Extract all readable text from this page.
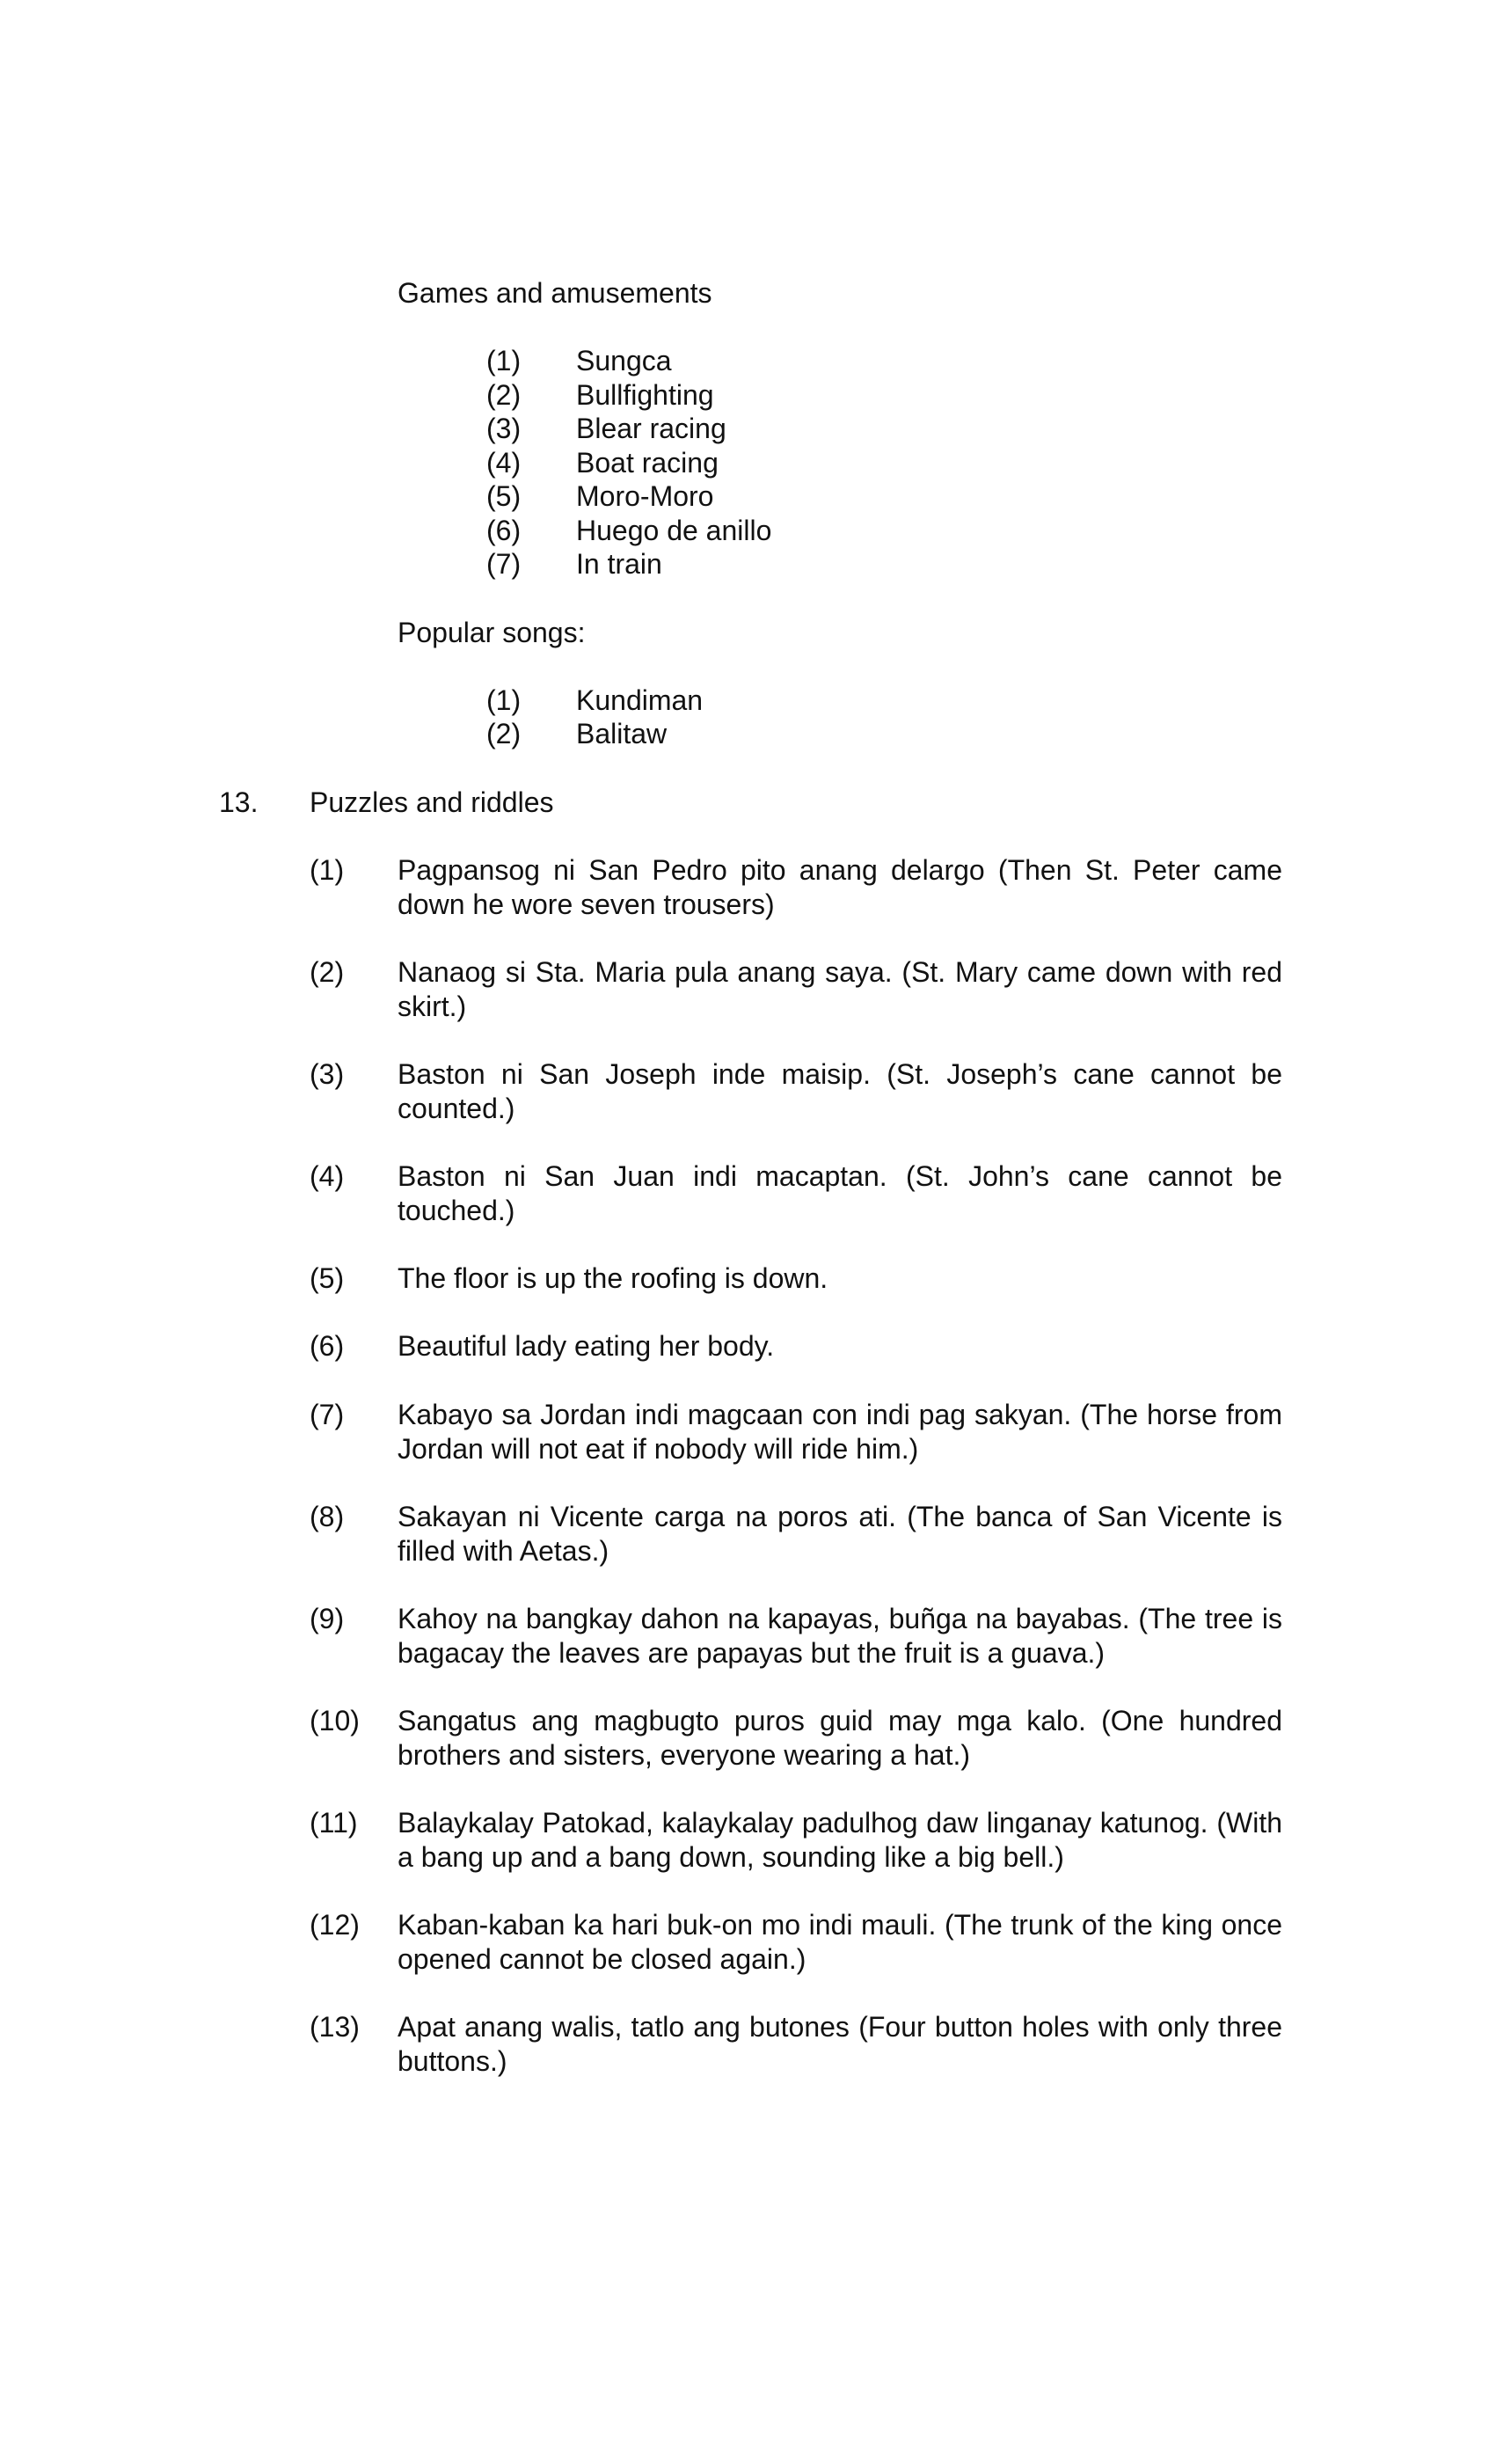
Games and amusements
(1) Sungca
(2) Bullfighting
(3) Blear racing
(4) Boat racing
(5) Moro-Moro
(6) Huego de anillo
(7) In train
Popular songs:
(1) Kundiman
(2) Balitaw
13. Puzzles and riddles
(1) Pagpansog ni San Pedro pito anang delargo (Then St. Peter came down he wore seven trousers)
(2) Nanaog si Sta. Maria pula anang saya. (St. Mary came down with red skirt.)
(3) Baston ni San Joseph inde maisip. (St. Joseph’s cane cannot be counted.)
(4) Baston ni San Juan indi macaptan. (St. John’s cane cannot be touched.)
(5) The floor is up the roofing is down.
(6) Beautiful lady eating her body.
(7) Kabayo sa Jordan indi magcaan con indi pag sakyan. (The horse from Jordan will not eat if nobody will ride him.)
(8) Sakayan ni Vicente carga na poros ati. (The banca of San Vicente is filled with Aetas.)
(9) Kahoy na bangkay dahon na kapayas, buñga na bayabas. (The tree is bagacay the leaves are papayas but the fruit is a guava.)
(10) Sangatus ang magbugto puros guid may mga kalo. (One hundred brothers and sisters, everyone wearing a hat.)
(11) Balaykalay Patokad, kalaykalay padulhog daw linganay katunog. (With a bang up and a bang down, sounding like a big bell.)
(12) Kaban-kaban ka hari buk-on mo indi mauli. (The trunk of the king once opened cannot be closed again.)
(13) Apat anang walis, tatlo ang butones (Four button holes with only three buttons.)
